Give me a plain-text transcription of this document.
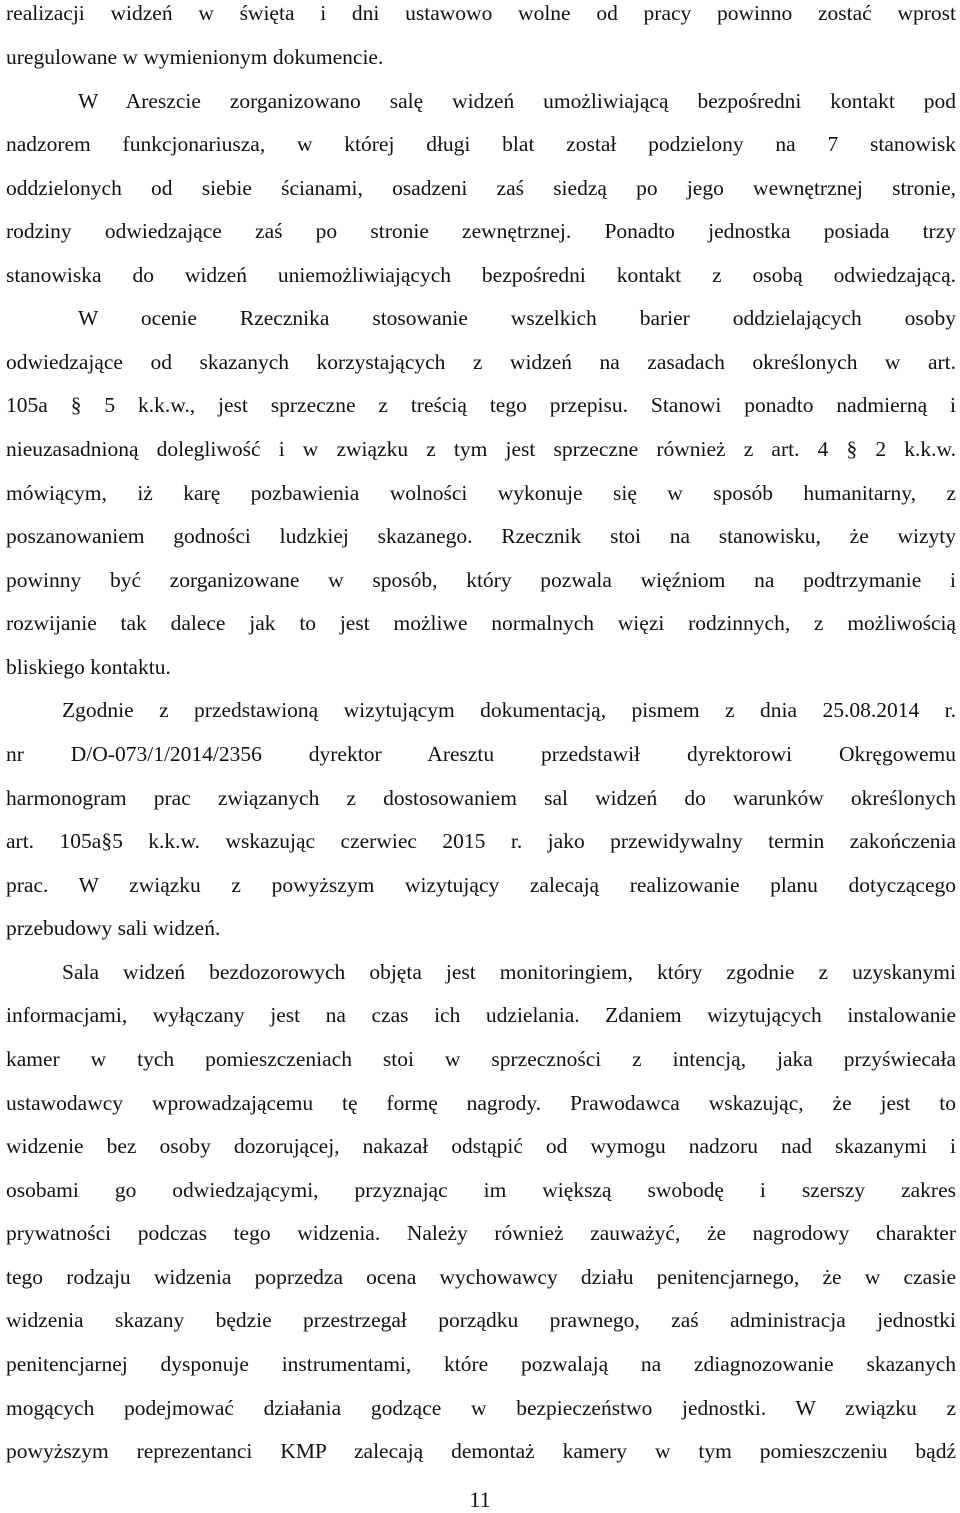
realizacji widzeń w święta i dni ustawowo wolne od pracy powinno zostać wprost
uregulowane w wymienionym dokumencie.
W Areszcie zorganizowano salę widzeń umożliwiającą bezpośredni kontakt pod
nadzorem funkcjonariusza, w której długi blat został podzielony na 7 stanowisk
oddzielonych od siebie ścianami, osadzeni zaś siedzą po jego wewnętrznej stronie,
rodziny odwiedzające zaś po stronie zewnętrznej. Ponadto jednostka posiada trzy
stanowiska do widzeń uniemożliwiających bezpośredni kontakt z osobą odwiedzającą.
W ocenie Rzecznika stosowanie wszelkich barier oddzielających osoby
odwiedzające od skazanych korzystających z widzeń na zasadach określonych w art.
105a § 5 k.k.w., jest sprzeczne z treścią tego przepisu. Stanowi ponadto nadmierną i
nieuzasadnioną dolegliwość i w związku z tym jest sprzeczne również z art. 4 § 2 k.k.w.
mówiącym, iż karę pozbawienia wolności wykonuje się w sposób humanitarny, z
poszanowaniem godności ludzkiej skazanego. Rzecznik stoi na stanowisku, że wizyty
powinny być zorganizowane w sposób, który pozwala więźniom na podtrzymanie i
rozwijanie tak dalece jak to jest możliwe normalnych więzi rodzinnych, z możliwością
bliskiego kontaktu.
Zgodnie z przedstawioną wizytującym dokumentacją, pismem z dnia 25.08.2014 r.
nr D/O-073/1/2014/2356 dyrektor Aresztu przedstawił dyrektorowi Okręgowemu
harmonogram prac związanych z dostosowaniem sal widzeń do warunków określonych
art. 105a§5 k.k.w. wskazując czerwiec 2015 r. jako przewidywalny termin zakończenia
prac. W związku z powyższym wizytujący zalecają realizowanie planu dotyczącego
przebudowy sali widzeń.
Sala widzeń bezdozorowych objęta jest monitoringiem, który zgodnie z uzyskanymi
informacjami, wyłączany jest na czas ich udzielania. Zdaniem wizytujących instalowanie
kamer w tych pomieszczeniach stoi w sprzeczności z intencją, jaka przyświecała
ustawodawcy wprowadzającemu tę formę nagrody. Prawodawca wskazując, że jest to
widzenie bez osoby dozorującej, nakazał odstąpić od wymogu nadzoru nad skazanymi i
osobami go odwiedzającymi, przyznając im większą swobodę i szerszy zakres
prywatności podczas tego widzenia. Należy również zauważyć, że nagrodowy charakter
tego rodzaju widzenia poprzedza ocena wychowawcy działu penitencjarnego, że w czasie
widzenia skazany będzie przestrzegał porządku prawnego, zaś administracja jednostki
penitencjarnej dysponuje instrumentami, które pozwalają na zdiagnozowanie skazanych
mogących podejmować działania godzące w bezpieczeństwo jednostki. W związku z
powyższym reprezentanci KMP zalecają demontaż kamery w tym pomieszczeniu bądź
11
